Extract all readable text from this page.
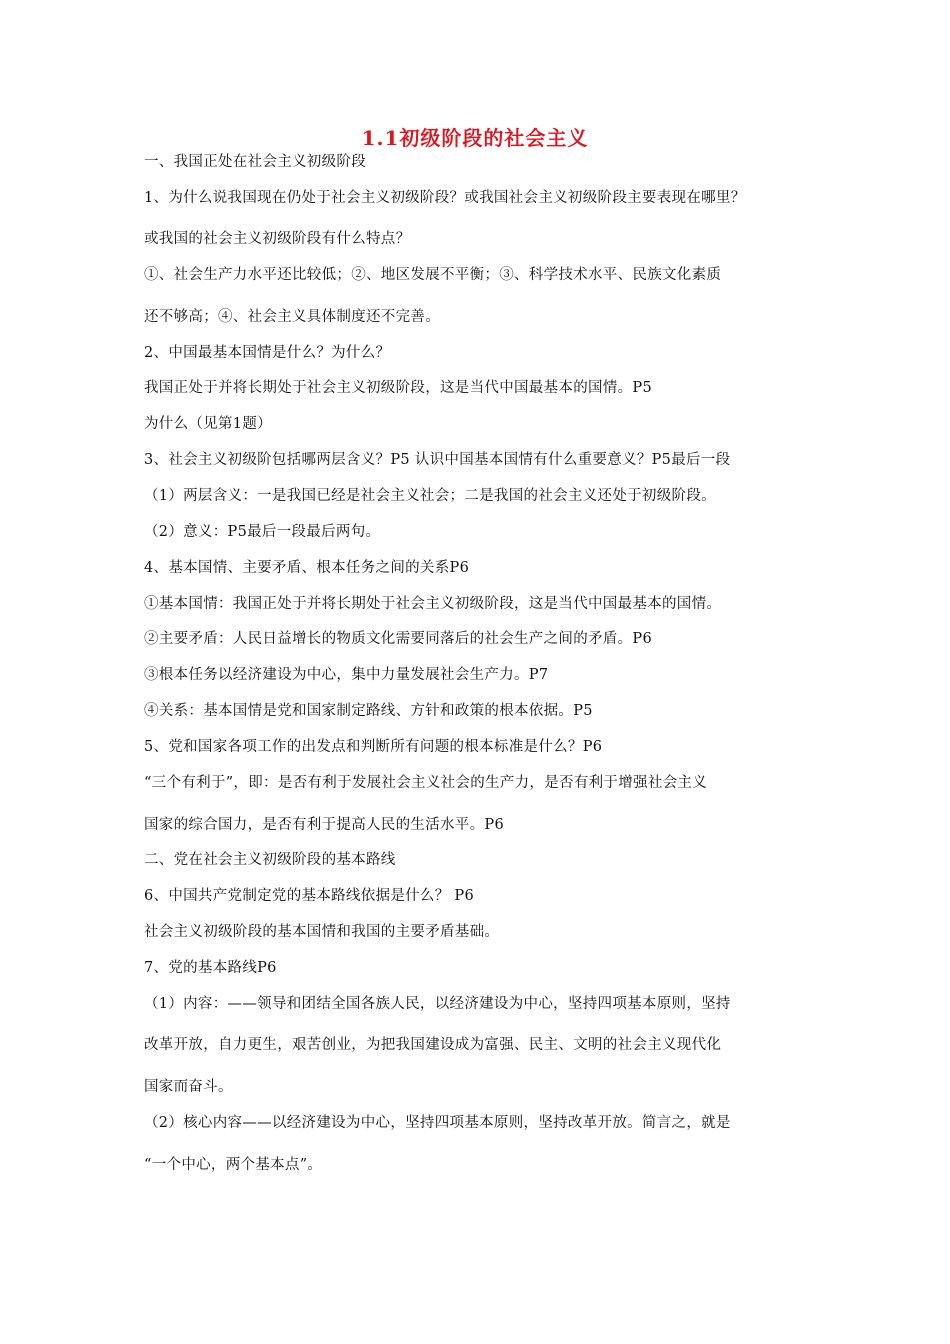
1.1初级阶段的社会主义
一、我国正处在社会主义初级阶段
1、为什么说我国现在仍处于社会主义初级阶段？或我国社会主义初级阶段主要表现在哪里？
或我国的社会主义初级阶段有什么特点？
①、社会生产力水平还比较低；②、地区发展不平衡；③、科学技术水平、民族文化素质
还不够高；④、社会主义具体制度还不完善。
2、中国最基本国情是什么？为什么？
我国正处于并将长期处于社会主义初级阶段，这是当代中国最基本的国情。P5
为什么（见第1题）
3、社会主义初级阶包括哪两层含义？P5 认识中国基本国情有什么重要意义？P5最后一段
（1）两层含义：一是我国已经是社会主义社会；二是我国的社会主义还处于初级阶段。
（2）意义：P5最后一段最后两句。
4、基本国情、主要矛盾、根本任务之间的关系P6
①基本国情：我国正处于并将长期处于社会主义初级阶段，这是当代中国最基本的国情。
②主要矛盾：人民日益增长的物质文化需要同落后的社会生产之间的矛盾。P6
③根本任务以经济建设为中心，集中力量发展社会生产力。P7
④关系：基本国情是党和国家制定路线、方针和政策的根本依据。P5
5、党和国家各项工作的出发点和判断所有问题的根本标准是什么？P6
“三个有利于”，即：是否有利于发展社会主义社会的生产力，是否有利于增强社会主义
国家的综合国力，是否有利于提高人民的生活水平。P6
二、党在社会主义初级阶段的基本路线
6、中国共产党制定党的基本路线依据是什么？ P6
社会主义初级阶段的基本国情和我国的主要矛盾基础。
7、党的基本路线P6
（1）内容：——领导和团结全国各族人民，以经济建设为中心，坚持四项基本原则，坚持
改革开放，自力更生，艰苦创业，为把我国建设成为富强、民主、文明的社会主义现代化
国家而奋斗。
（2）核心内容——以经济建设为中心，坚持四项基本原则，坚持改革开放。简言之，就是
“一个中心，两个基本点”。
